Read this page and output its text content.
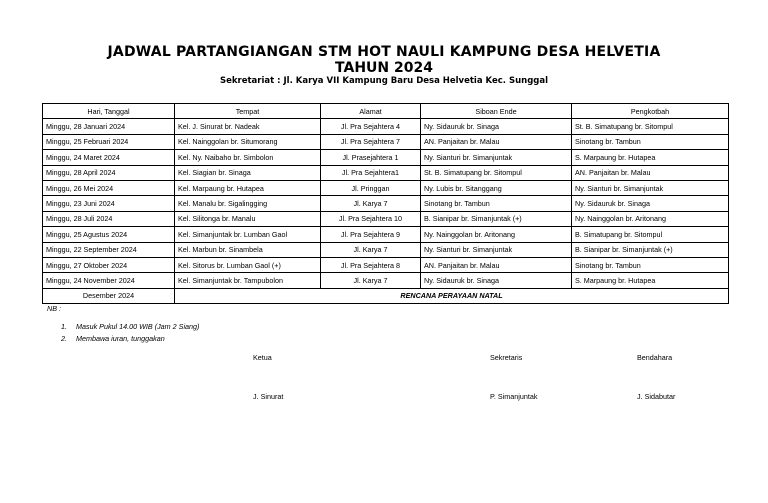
JADWAL PARTANGIANGAN STM HOT NAULI KAMPUNG DESA HELVETIA
TAHUN 2024
Sekretariat : Jl. Karya VII Kampung Baru Desa Helvetia Kec. Sunggal
Hari, Tanggal	Tempat	Alamat	Siboan Ende	Pengkotbah
Minggu, 28 Januari 2024	Kel. J. Sinurat br. Nadeak	Jl. Pra Sejahtera 4	Ny. Sidauruk br. Sinaga	St. B. Simatupang br. Sitompul
Minggu, 25 Februari 2024	Kel. Nainggolan br. Situmorang	Jl. Pra Sejahtera 7	AN. Panjaitan br. Malau	Sinotang br. Tambun
Minggu, 24 Maret 2024	Kel. Ny. Naibaho br. Simbolon	Jl. Prasejahtera 1	Ny. Sianturi br. Simanjuntak	S. Marpaung br. Hutapea
Minggu, 28 April 2024	Kel. Siagian br. Sinaga	Jl. Pra Sejahtera1	St. B. Simatupang br. Sitompul	AN. Panjaitan br. Malau
Minggu, 26 Mei 2024	Kel. Marpaung br. Hutapea	Jl. Pringgan	Ny. Lubis br. Sitanggang	Ny. Sianturi br. Simanjuntak
Minggu, 23 Juni 2024	Kel. Manalu br. Sigalingging	Jl. Karya 7	Sinotang br. Tambun	Ny. Sidauruk br. Sinaga
Minggu, 28 Juli 2024	Kel. Silitonga br. Manalu	Jl. Pra Sejahtera 10	B. Sianipar br. Simanjuntak (+)	Ny. Nainggolan br. Aritonang
Minggu, 25 Agustus 2024	Kel. Simanjuntak br. Lumban Gaol	Jl. Pra Sejahtera 9	Ny. Nainggolan br. Aritonang	B. Simatupang br. Sitompul
Minggu, 22 September 2024	Kel. Marbun br. Sinambela	Jl. Karya 7	Ny. Sianturi br. Simanjuntak	B. Sianipar br. Simanjuntak (+)
Minggu, 27 Oktober 2024	Kel. Sitorus br. Lumban Gaol (+)	Jl. Pra Sejahtera 8	AN. Panjaitan br. Malau	Sinotang br. Tambun
Minggu, 24 November 2024	Kel. Simanjuntak br. Tampubolon	Jl. Karya 7	Ny. Sidauruk br. Sinaga	S. Marpaung br. Hutapea
Desember 2024	RENCANA PERAYAAN NATAL			
NB :
1. Masuk Pukul 14.00 WIB (Jam 2 Siang)
2. Membawa iuran, tunggakan
Ketua
J. Sinurat
Sekretaris
P. Simanjuntak
Bendahara
J. Sidabutar
